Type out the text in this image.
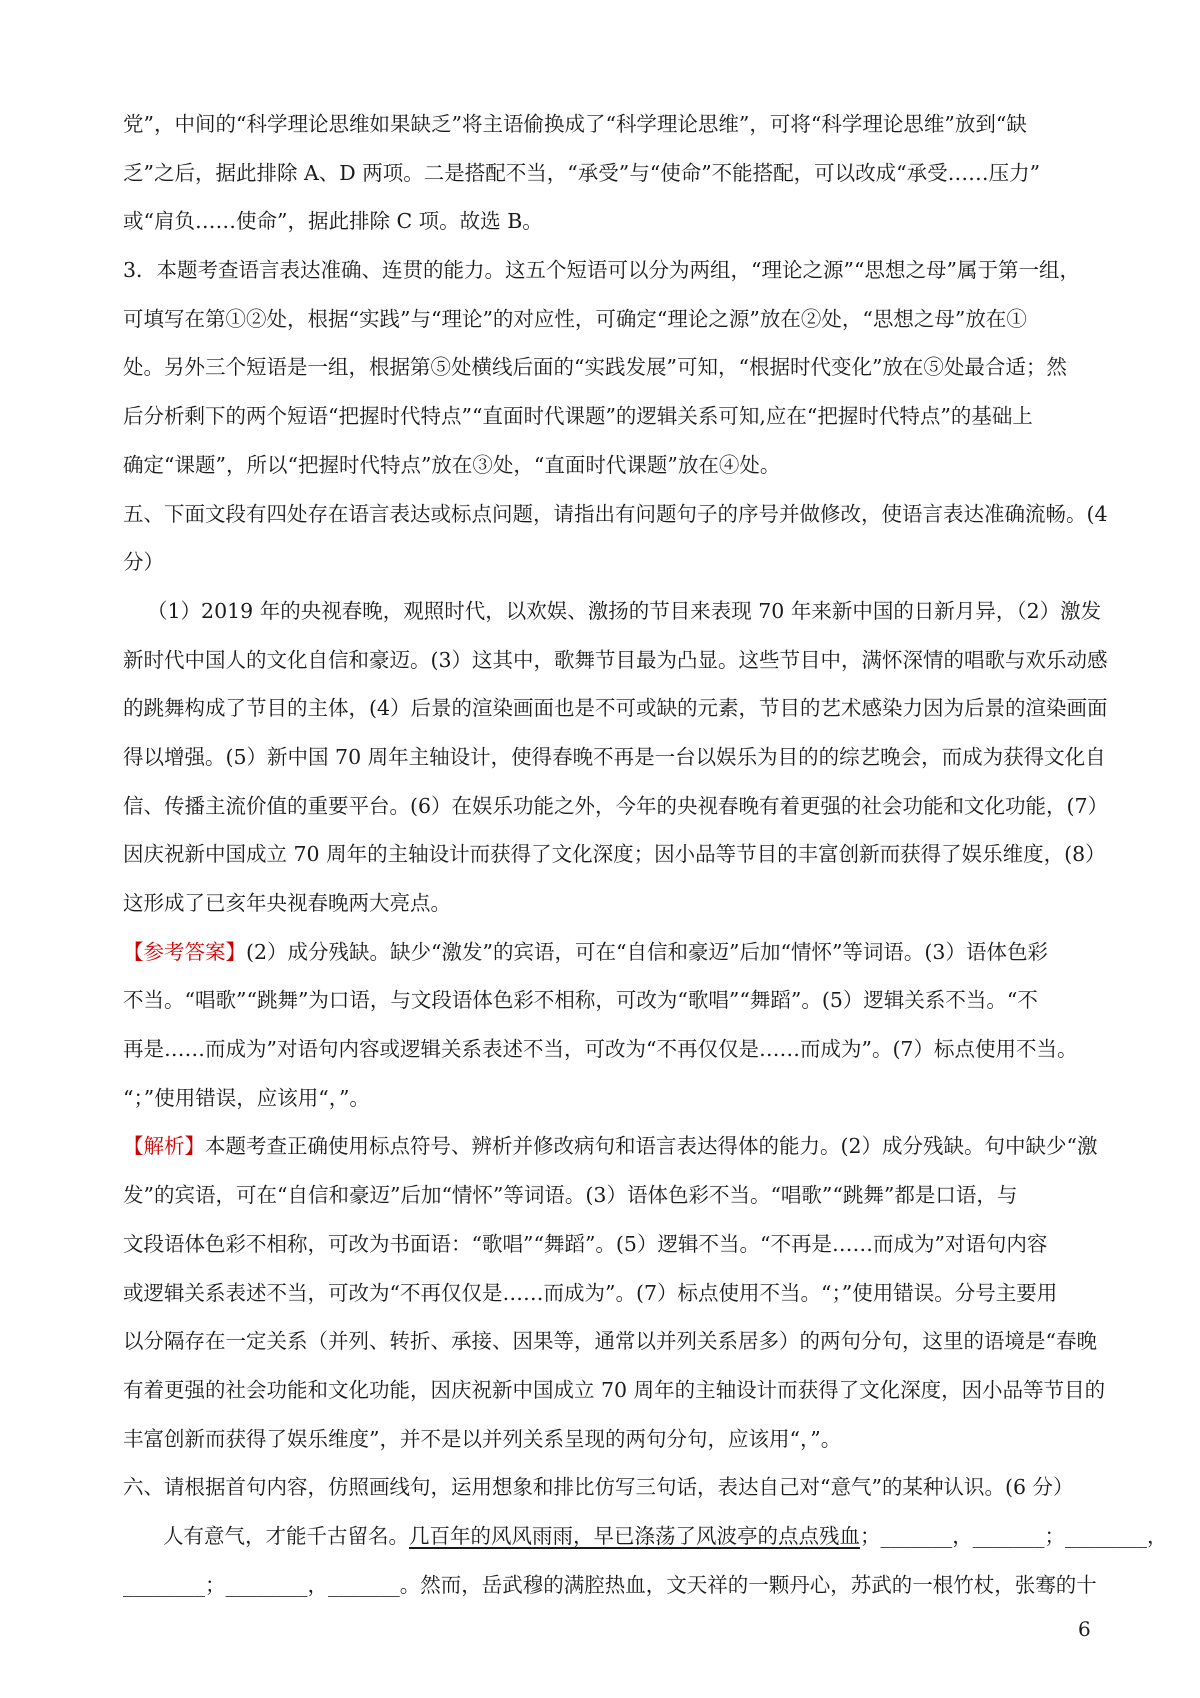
党”，中间的“科学理论思维如果缺乏”将主语偷换成了“科学理论思维”，可将“科学理论思维”放到“缺
乏”之后，据此排除 A、D 两项。二是搭配不当，“承受”与“使命”不能搭配，可以改成“承受……压力”
或“肩负……使命”，据此排除 C 项。故选 B。
3．本题考查语言表达准确、连贯的能力。这五个短语可以分为两组，“理论之源”“思想之母”属于第一组，
可填写在第①②处，根据“实践”与“理论”的对应性，可确定“理论之源”放在②处，“思想之母”放在①
处。另外三个短语是一组，根据第⑤处横线后面的“实践发展”可知，“根据时代变化”放在⑤处最合适；然
后分析剩下的两个短语“把握时代特点”“直面时代课题”的逻辑关系可知,应在“把握时代特点”的基础上
确定“课题”，所以“把握时代特点”放在③处，“直面时代课题”放在④处。
五、下面文段有四处存在语言表达或标点问题，请指出有问题句子的序号并做修改，使语言表达准确流畅。(4
分）
（1）2019 年的央视春晚，观照时代，以欢娱、激扬的节目来表现 70 年来新中国的日新月异，（2）激发
新时代中国人的文化自信和豪迈。(3）这其中，歌舞节目最为凸显。这些节目中，满怀深情的唱歌与欢乐动感
的跳舞构成了节目的主体，(4）后景的渲染画面也是不可或缺的元素，节目的艺术感染力因为后景的渲染画面
得以增强。(5）新中国 70 周年主轴设计，使得春晚不再是一台以娱乐为目的的综艺晚会，而成为获得文化自
信、传播主流价值的重要平台。(6）在娱乐功能之外，今年的央视春晚有着更强的社会功能和文化功能，(7）
因庆祝新中国成立 70 周年的主轴设计而获得了文化深度；因小品等节目的丰富创新而获得了娱乐维度，(8）
这形成了已亥年央视春晚两大亮点。
【参考答案】(2）成分残缺。缺少“激发”的宾语，可在“自信和豪迈”后加“情怀”等词语。(3）语体色彩
不当。“唱歌”“跳舞”为口语，与文段语体色彩不相称，可改为“歌唱”“舞蹈”。(5）逻辑关系不当。“不
再是……而成为”对语句内容或逻辑关系表述不当，可改为“不再仅仅是……而成为”。(7）标点使用不当。
“；”使用错误，应该用“，”。
【解析】本题考查正确使用标点符号、辨析并修改病句和语言表达得体的能力。(2）成分残缺。句中缺少“激
发”的宾语，可在“自信和豪迈”后加“情怀”等词语。(3）语体色彩不当。“唱歌”“跳舞”都是口语，与
文段语体色彩不相称，可改为书面语：“歌唱”“舞蹈”。(5）逻辑不当。“不再是……而成为”对语句内容
或逻辑关系表述不当，可改为“不再仅仅是……而成为”。(7）标点使用不当。“；”使用错误。分号主要用
以分隔存在一定关系（并列、转折、承接、因果等，通常以并列关系居多）的两句分句，这里的语境是“春晚
有着更强的社会功能和文化功能，因庆祝新中国成立 70 周年的主轴设计而获得了文化深度，因小品等节目的
丰富创新而获得了娱乐维度”，并不是以并列关系呈现的两句分句，应该用“，”。
六、请根据首句内容，仿照画线句，运用想象和排比仿写三句话，表达自己对“意气”的某种认识。(6 分）
人有意气，才能千古留名。几百年的风风雨雨，早已涤荡了风波亭的点点残血；_______，_______；________，
________；________，_______。然而，岳武穆的满腔热血，文天祥的一颗丹心，苏武的一根竹杖，张骞的十
6
